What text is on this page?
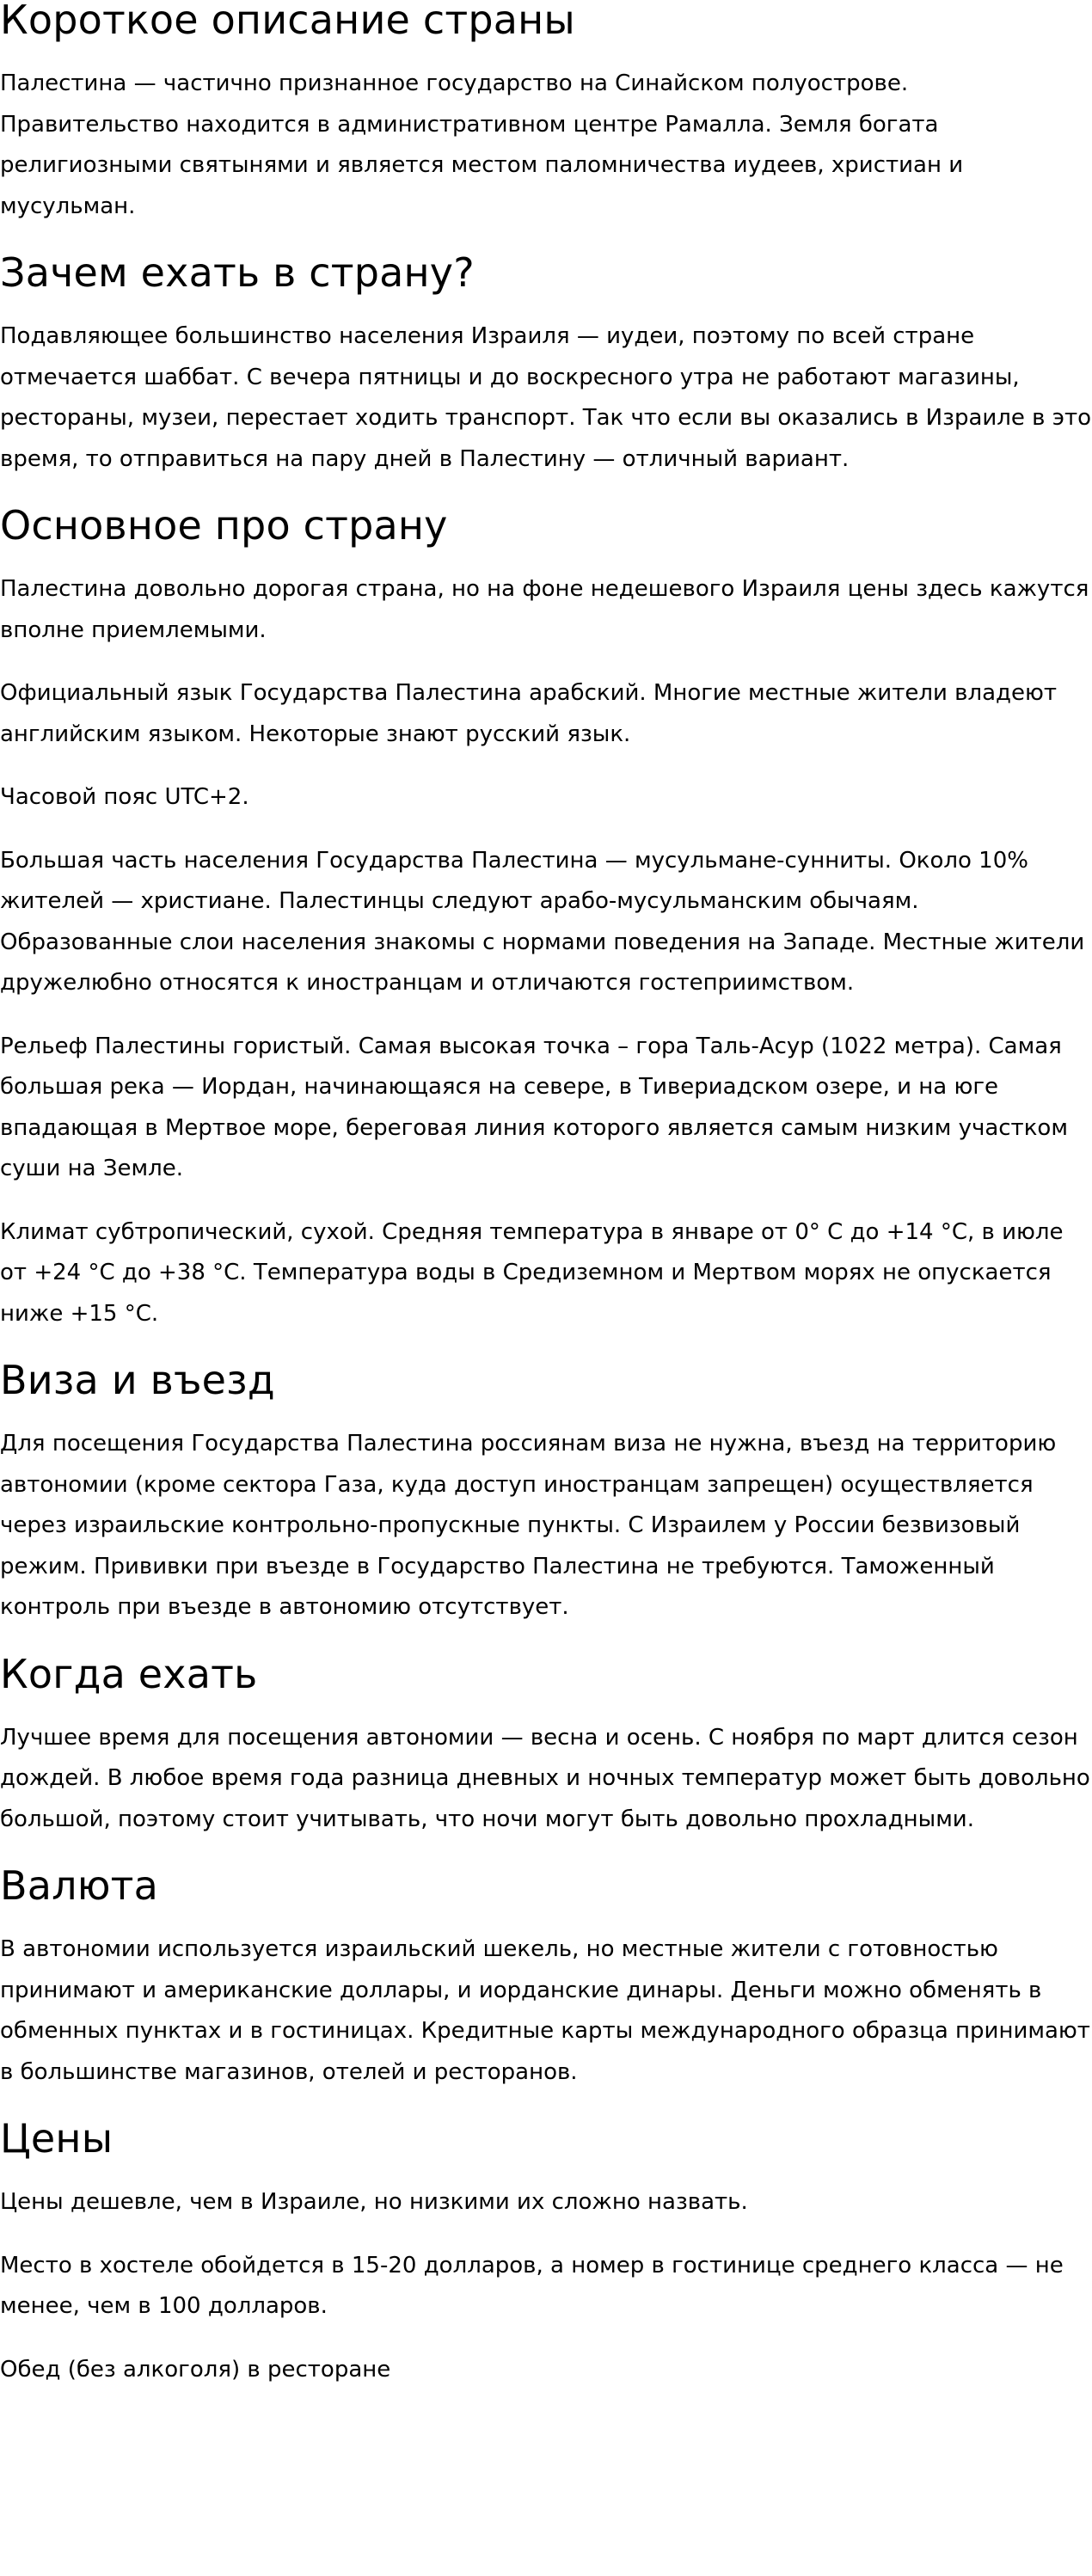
Короткое описание страны

Палестина — частично признанное государство на Синайском полуострове. Правительство находится в административном центре Рамалла. Земля богата религиозными святынями и является местом паломничества иудеев, христиан и мусульман.

Зачем ехать в страну?

Подавляющее большинство населения Израиля — иудеи, поэтому по всей стране отмечается шаббат. С вечера пятницы и до воскресного утра не работают магазины, рестораны, музеи, перестает ходить транспорт. Так что если вы оказались в Израиле в это время, то отправиться на пару дней в Палестину — отличный вариант.

Основное про страну

Палестина довольно дорогая страна, но на фоне недешевого Израиля цены здесь кажутся вполне приемлемыми.

Официальный язык Государства Палестина арабский. Многие местные жители владеют английским языком. Некоторые знают русский язык.

Часовой пояс UTC+2.

Большая часть населения Государства Палестина — мусульмане-сунниты. Около 10% жителей — христиане. Палестинцы следуют арабо-мусульманским обычаям. Образованные слои населения знакомы с нормами поведения на Западе. Местные жители дружелюбно относятся к иностранцам и отличаются гостеприимством.

Рельеф Палестины гористый. Самая высокая точка – гора Таль-Асур (1022 метра). Самая большая река — Иордан, начинающаяся на севере, в Тивериадском озере, и на юге впадающая в Мертвое море, береговая линия которого является самым низким участком суши на Земле.

Климат субтропический, сухой. Средняя температура в январе от 0° С до +14 °С, в июле от +24 °С до +38 °С. Температура воды в Средиземном и Мертвом морях не опускается ниже +15 °С.

Виза и въезд

Для посещения Государства Палестина россиянам виза не нужна, въезд на территорию автономии (кроме сектора Газа, куда доступ иностранцам запрещен) осуществляется через израильские контрольно-пропускные пункты. С Израилем у России безвизовый режим. Прививки при въезде в Государство Палестина не требуются. Таможенный контроль при въезде в автономию отсутствует.

Когда ехать

Лучшее время для посещения автономии — весна и осень. С ноября по март длится сезон дождей. В любое время года разница дневных и ночных температур может быть довольно большой, поэтому стоит учитывать, что ночи могут быть довольно прохладными.

Валюта

В автономии используется израильский шекель, но местные жители с готовностью принимают и американские доллары, и иорданские динары. Деньги можно обменять в обменных пунктах и в гостиницах. Кредитные карты международного образца принимают в большинстве магазинов, отелей и ресторанов.

Цены

Цены дешевле, чем в Израиле, но низкими их сложно назвать.

Место в хостеле обойдется в 15-20 долларов, а номер в гостинице среднего класса — не менее, чем в 100 долларов.

Обед (без алкоголя) в ресторане
